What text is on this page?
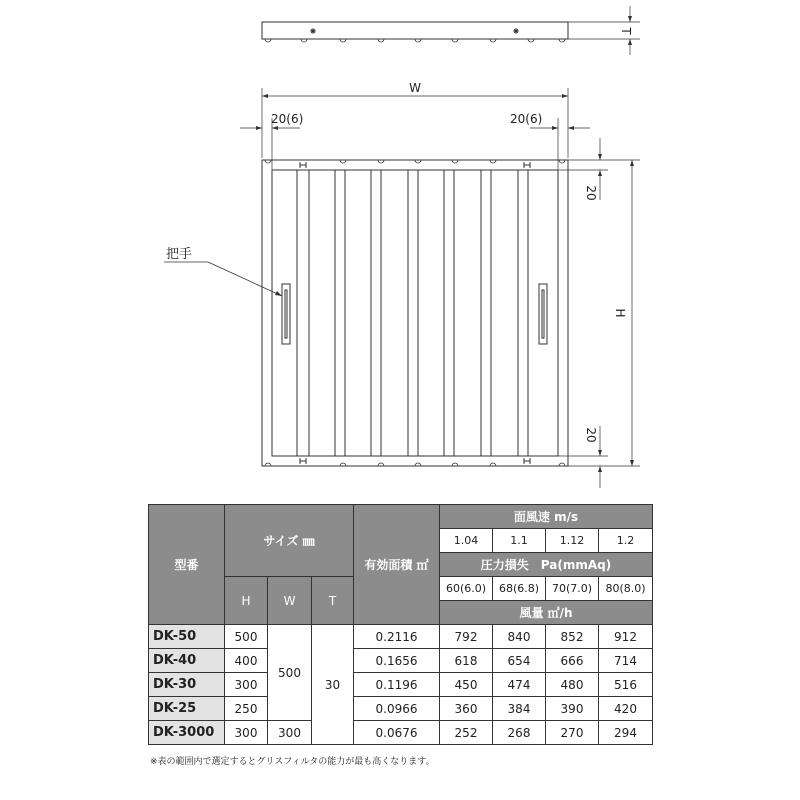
T
W
20(6)	20(6)
把手
H
20
20
型番	サイズ ㎜			有効面積 ㎡	面風速 m/s			
					1.04	1.1	1.12	1.2
					圧力損失　Pa(mmAq)			
	H	W	T		60(6.0)	68(6.8)	70(7.0)	80(8.0)
					風量 ㎥/h			
DK-50	500	500	30	0.2116	792	840	852	912
DK-40	400			0.1656	618	654	666	714
DK-30	300			0.1196	450	474	480	516
DK-25	250			0.0966	360	384	390	420
DK-3000	300	300		0.0676	252	268	270	294
※表の範囲内で選定するとグリスフィルタの能力が最も高くなります。
